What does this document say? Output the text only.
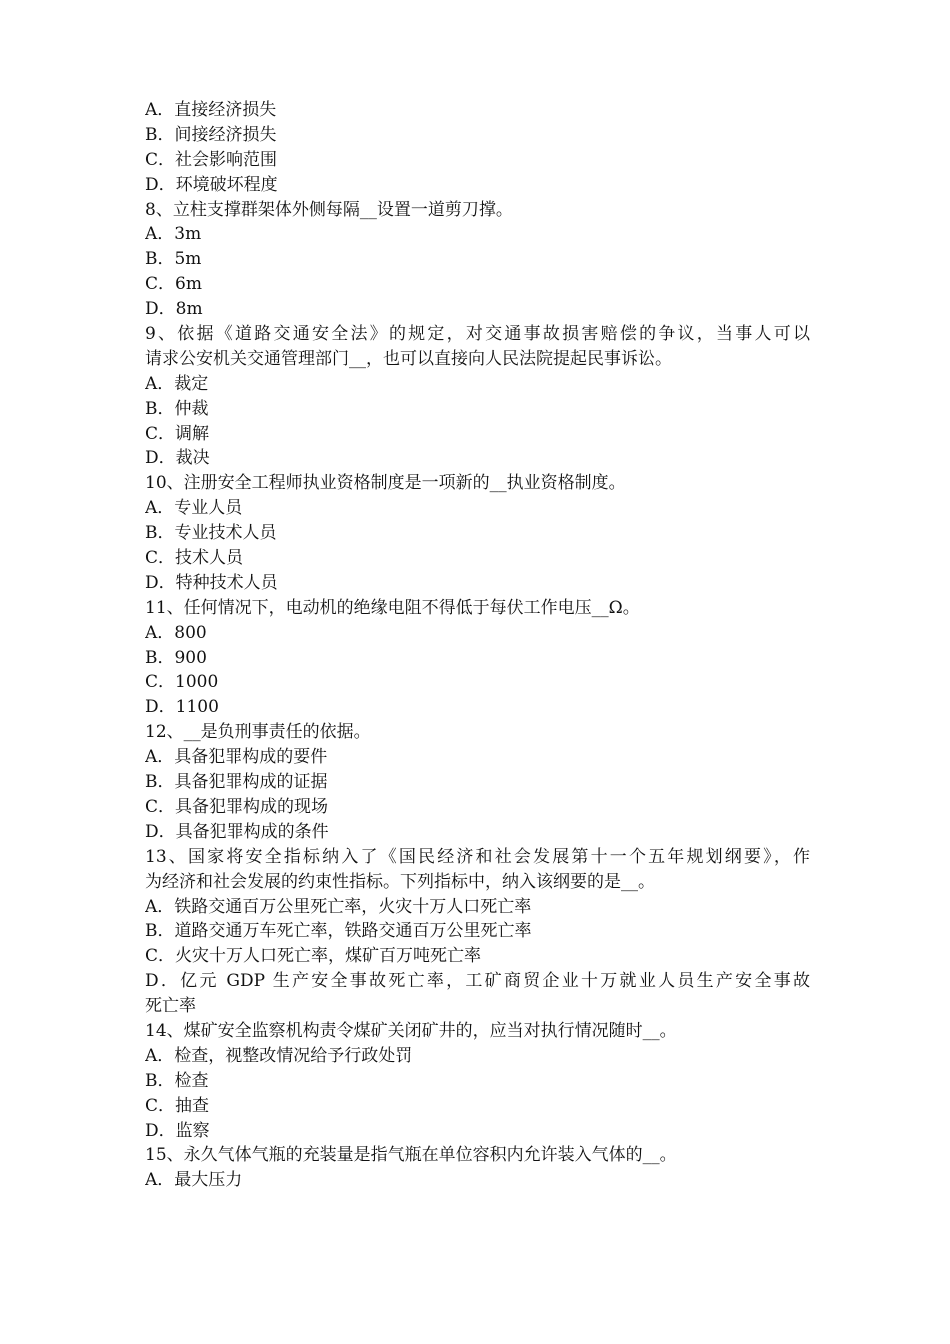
A．直接经济损失
B．间接经济损失
C．社会影响范围
D．环境破坏程度
8、立柱支撑群架体外侧每隔__设置一道剪刀撑。
A．3m
B．5m
C．6m
D．8m
9、依据《道路交通安全法》的规定，对交通事故损害赔偿的争议，当事人可以
请求公安机关交通管理部门__，也可以直接向人民法院提起民事诉讼。
A．裁定
B．仲裁
C．调解
D．裁决
10、注册安全工程师执业资格制度是一项新的__执业资格制度。
A．专业人员
B．专业技术人员
C．技术人员
D．特种技术人员
11、任何情况下，电动机的绝缘电阻不得低于每伏工作电压__Ω。
A．800
B．900
C．1000
D．1100
12、__是负刑事责任的依据。
A．具备犯罪构成的要件
B．具备犯罪构成的证据
C．具备犯罪构成的现场
D．具备犯罪构成的条件
13、国家将安全指标纳入了《国民经济和社会发展第十一个五年规划纲要》，作
为经济和社会发展的约束性指标。下列指标中，纳入该纲要的是__。
A．铁路交通百万公里死亡率，火灾十万人口死亡率
B．道路交通万车死亡率，铁路交通百万公里死亡率
C．火灾十万人口死亡率，煤矿百万吨死亡率
D．亿元 GDP 生产安全事故死亡率，工矿商贸企业十万就业人员生产安全事故
死亡率
14、煤矿安全监察机构责令煤矿关闭矿井的，应当对执行情况随时__。
A．检查，视整改情况给予行政处罚
B．检查
C．抽查
D．监察
15、永久气体气瓶的充装量是指气瓶在单位容积内允许装入气体的__。
A．最大压力
